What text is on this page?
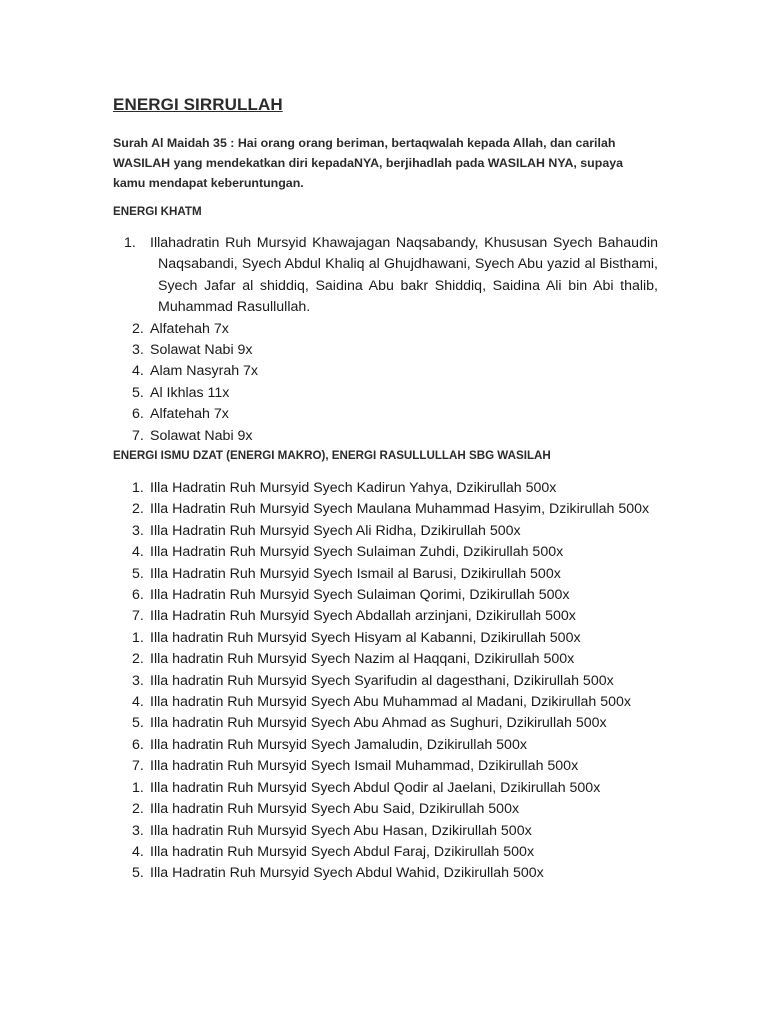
ENERGI SIRRULLAH
Surah Al Maidah 35 : Hai orang orang beriman, bertaqwalah kepada Allah, dan carilah WASILAH yang mendekatkan diri kepadaNYA, berjihadlah pada WASILAH NYA, supaya kamu mendapat keberuntungan.
ENERGI KHATM
1. Illahadratin Ruh Mursyid Khawajagan Naqsabandy, Khususan Syech Bahaudin Naqsabandi, Syech Abdul Khaliq al Ghujdhawani, Syech Abu yazid al Bisthami, Syech Jafar al shiddiq, Saidina Abu bakr Shiddiq, Saidina Ali bin Abi thalib, Muhammad Rasullullah.
2. Alfatehah 7x
3. Solawat Nabi 9x
4. Alam Nasyrah 7x
5. Al Ikhlas 11x
6. Alfatehah 7x
7. Solawat Nabi 9x
ENERGI ISMU DZAT (ENERGI MAKRO), ENERGI RASULLULLAH SBG WASILAH
1. Illa Hadratin Ruh Mursyid Syech Kadirun Yahya, Dzikirullah 500x
2. Illa Hadratin Ruh Mursyid Syech Maulana Muhammad Hasyim, Dzikirullah 500x
3. Illa Hadratin Ruh Mursyid Syech Ali Ridha, Dzikirullah 500x
4. Illa Hadratin Ruh Mursyid Syech Sulaiman Zuhdi, Dzikirullah 500x
5. Illa Hadratin Ruh Mursyid Syech Ismail al Barusi, Dzikirullah 500x
6. Illa Hadratin Ruh Mursyid Syech Sulaiman Qorimi, Dzikirullah 500x
7. Illa Hadratin Ruh Mursyid Syech Abdallah arzinjani, Dzikirullah 500x
1. Illa hadratin Ruh Mursyid Syech Hisyam al Kabanni, Dzikirullah 500x
2. Illa hadratin Ruh Mursyid Syech Nazim al Haqqani, Dzikirullah 500x
3. Illa hadratin Ruh Mursyid Syech Syarifudin al dagesthani, Dzikirullah 500x
4. Illa hadratin Ruh Mursyid Syech Abu Muhammad al Madani, Dzikirullah 500x
5. Illa hadratin Ruh Mursyid Syech Abu Ahmad as Sughuri, Dzikirullah 500x
6. Illa hadratin Ruh Mursyid Syech Jamaludin, Dzikirullah 500x
7. Illa hadratin Ruh Mursyid Syech Ismail Muhammad, Dzikirullah 500x
1. Illa hadratin Ruh Mursyid Syech Abdul Qodir al Jaelani, Dzikirullah 500x
2. Illa hadratin Ruh Mursyid Syech Abu Said, Dzikirullah 500x
3. Illa hadratin Ruh Mursyid Syech Abu Hasan, Dzikirullah 500x
4. Illa hadratin Ruh Mursyid Syech Abdul Faraj, Dzikirullah 500x
5. Illa Hadratin Ruh Mursyid Syech Abdul Wahid, Dzikirullah 500x
